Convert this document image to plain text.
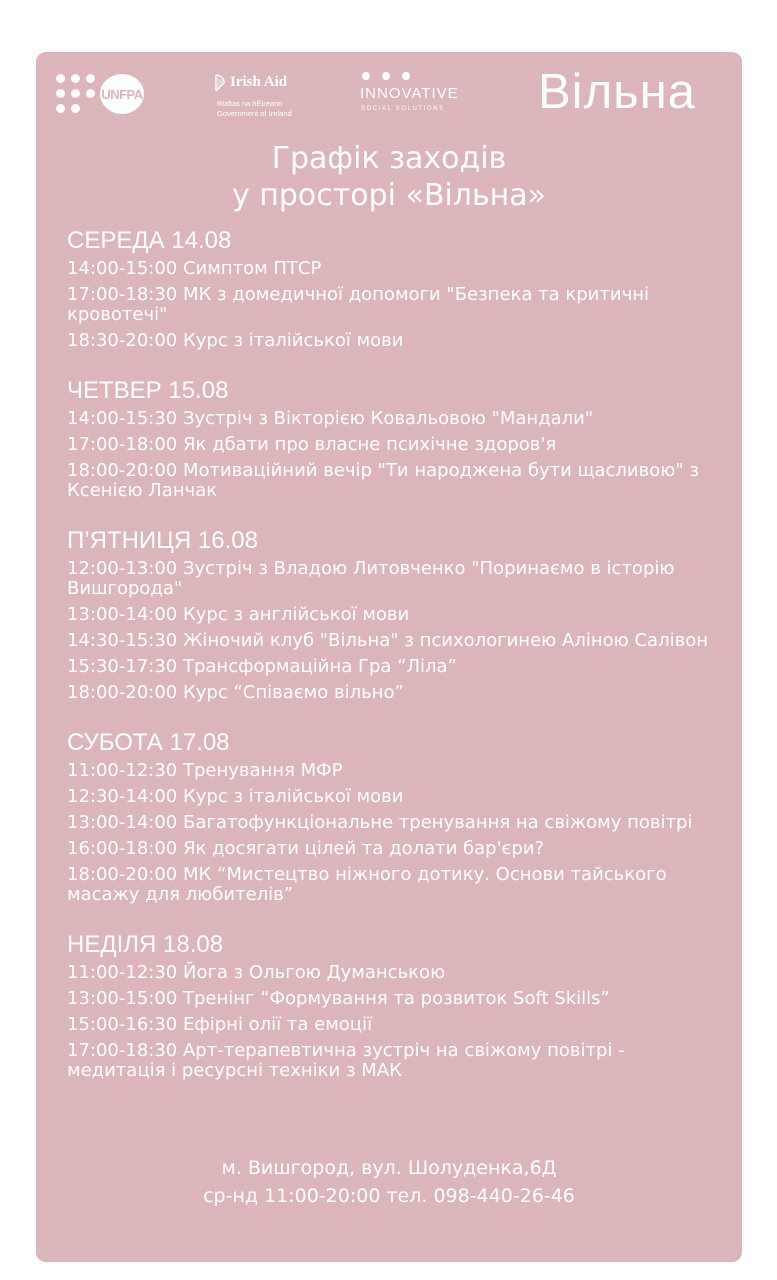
UNFPA
Irish Aid
Rialtas na hÉireann
Government of Ireland
INNOVATIVE
SOCIAL SOLUTIONS Вільна
Графік заходів
у просторі «Вільна»
СЕРЕДА 14.08
14:00-15:00 Симптом ПТСР
17:00-18:30 МК з домедичної допомоги "Безпека та критичні кровотечі"
18:30-20:00 Курс з італійської мови
ЧЕТВЕР 15.08
14:00-15:30 Зустріч з Вікторією Ковальовою "Мандали"
17:00-18:00 Як дбати про власне психічне здоров'я
18:00-20:00 Мотиваційний вечір "Ти народжена бути щасливою" з Ксенією Ланчак
П’ЯТНИЦЯ 16.08
12:00-13:00 Зустріч з Владою Литовченко "Поринаємо в історію Вишгорода"
13:00-14:00 Курс з англійської мови
14:30-15:30 Жіночий клуб "Вільна" з психологинею Аліною Салівон
15:30-17:30 Трансформаційна Гра “Ліла”
18:00-20:00 Курс “Співаємо вільно”
СУБОТА 17.08
11:00-12:30 Тренування МФР
12:30-14:00 Курс з італійської мови
13:00-14:00 Багатофункціональне тренування на свіжому повітрі
16:00-18:00 Як досягати цілей та долати бар'єри?
18:00-20:00 МК “Мистецтво ніжного дотику. Основи тайського масажу для любителів”
НЕДІЛЯ 18.08
11:00-12:30 Йога з Ольгою Думанською
13:00-15:00 Тренінг “Формування та розвиток Soft Skills”
15:00-16:30 Ефірні олії та емоції
17:00-18:30 Арт-терапевтична зустріч на свіжому повітрі - медитація і ресурсні техніки з МАК
м. Вишгород, вул. Шолуденка,6Д
ср-нд 11:00-20:00 тел. 098-440-26-46
